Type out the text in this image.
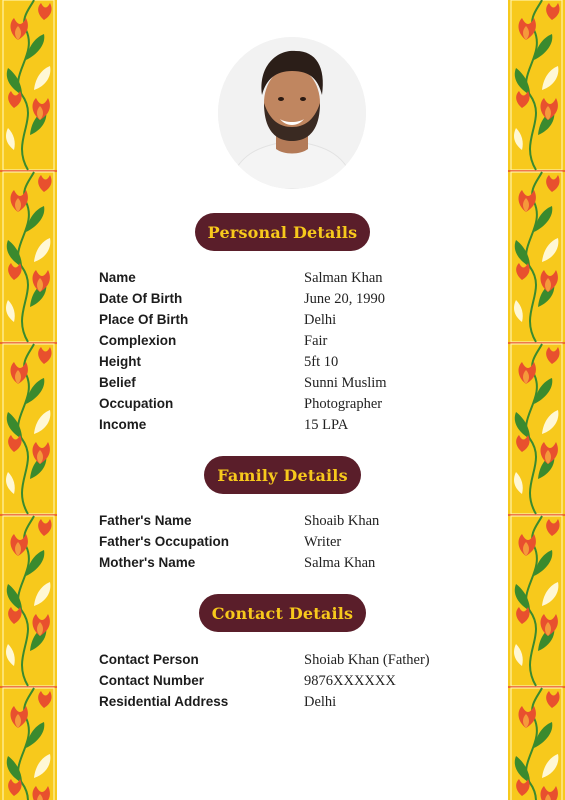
Personal Details
Name	Salman Khan
Date Of Birth	June 20, 1990
Place Of Birth	Delhi
Complexion	Fair
Height	5ft 10
Belief	Sunni Muslim
Occupation	Photographer
Income	15 LPA
Family Details
Father's Name	Shoaib Khan
Father's Occupation	Writer
Mother's Name	Salma Khan
Contact Details
Contact Person	Shoiab Khan (Father)
Contact Number	9876XXXXXX
Residential Address	Delhi
